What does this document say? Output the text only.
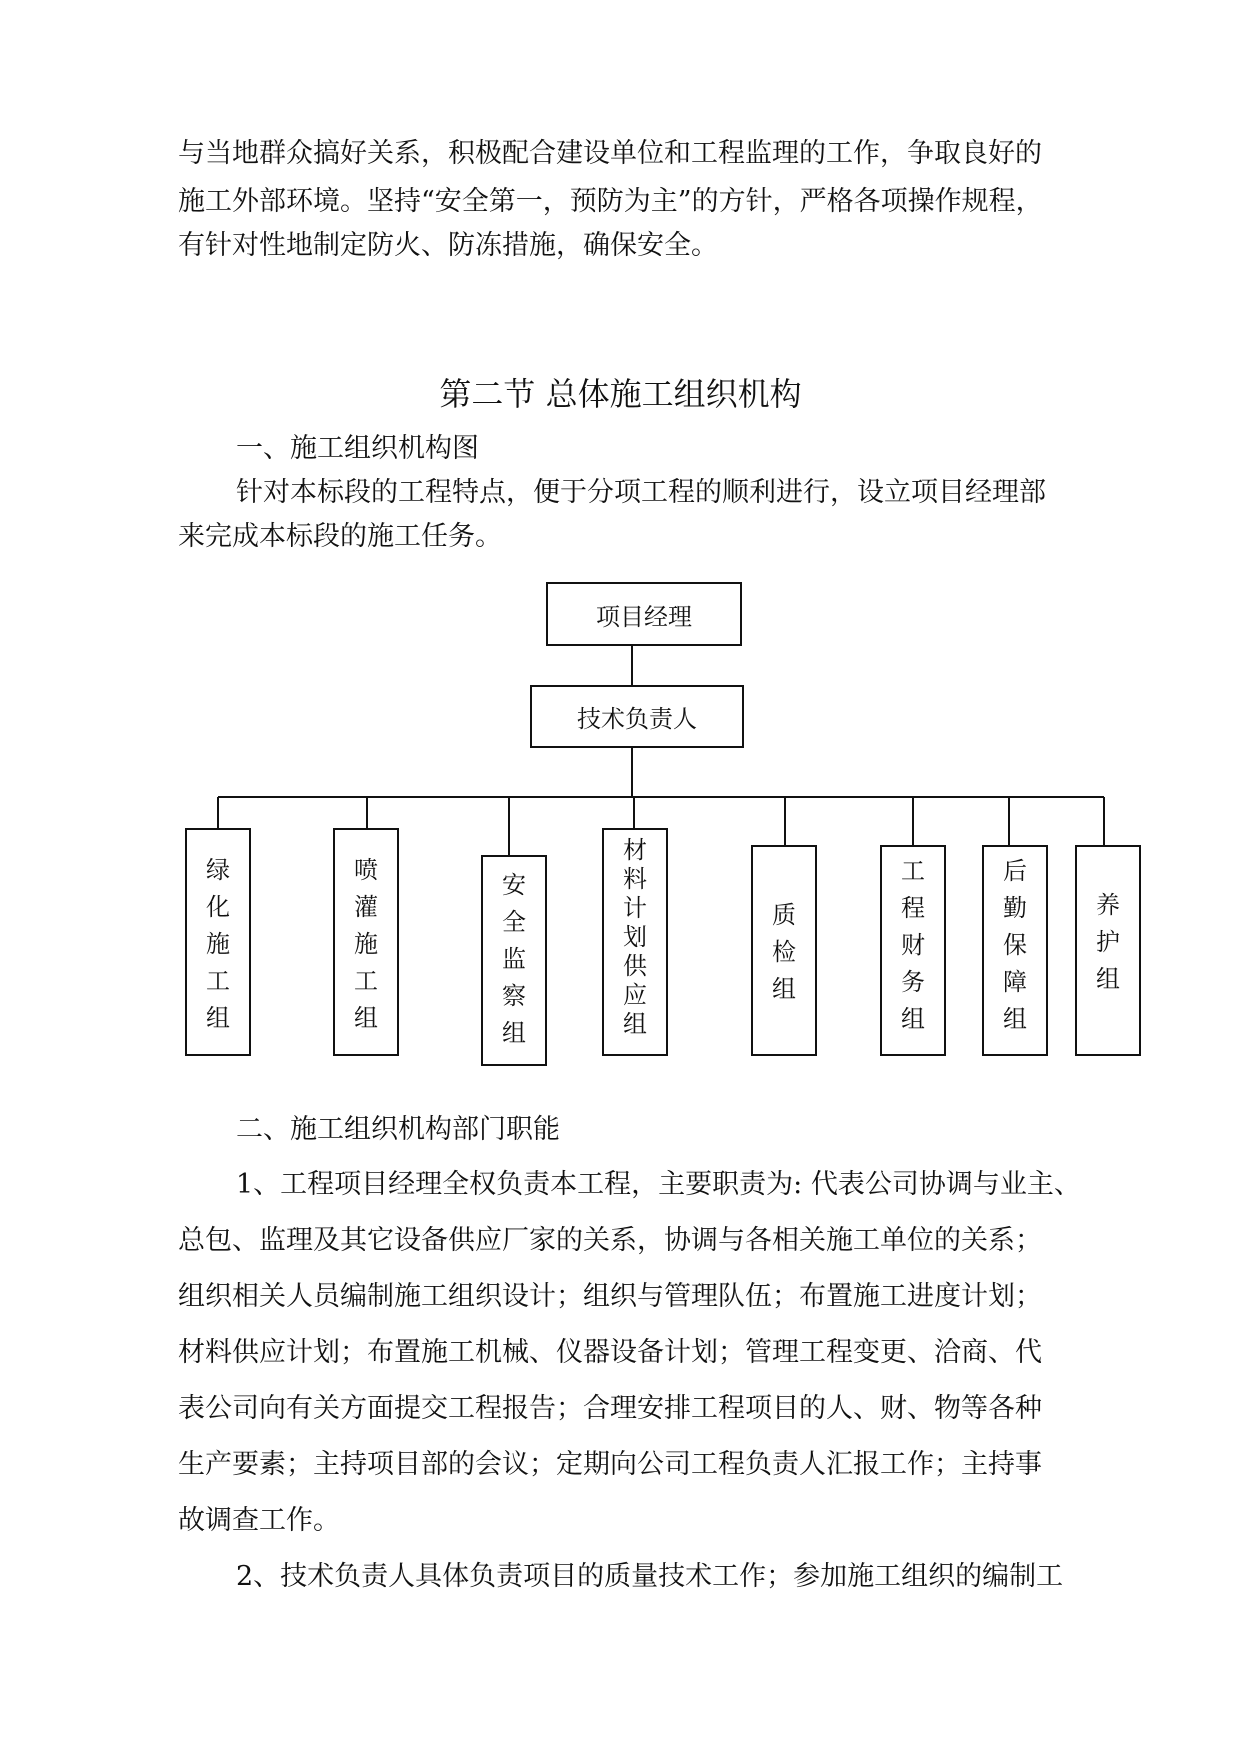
与当地群众搞好关系，积极配合建设单位和工程监理的工作，争取良好的
施工外部环境。坚持“安全第一，预防为主”的方针，严格各项操作规程，
有针对性地制定防火、防冻措施，确保安全。
第二节 总体施工组织机构
一、施工组织机构图
针对本标段的工程特点，便于分项工程的顺利进行，设立项目经理部
来完成本标段的施工任务。
项目经理
技术负责人
绿化施工组
喷灌施工组
安全监察组
材料计划供应组
质检组
工程财务组
后勤保障组
养护组
二、施工组织机构部门职能
1、工程项目经理全权负责本工程，主要职责为: 代表公司协调与业主、
总包、监理及其它设备供应厂家的关系，协调与各相关施工单位的关系；
组织相关人员编制施工组织设计；组织与管理队伍；布置施工进度计划；
材料供应计划；布置施工机械、仪器设备计划；管理工程变更、洽商、代
表公司向有关方面提交工程报告；合理安排工程项目的人、财、物等各种
生产要素；主持项目部的会议；定期向公司工程负责人汇报工作；主持事
故调查工作。
2、技术负责人具体负责项目的质量技术工作；参加施工组织的编制工
